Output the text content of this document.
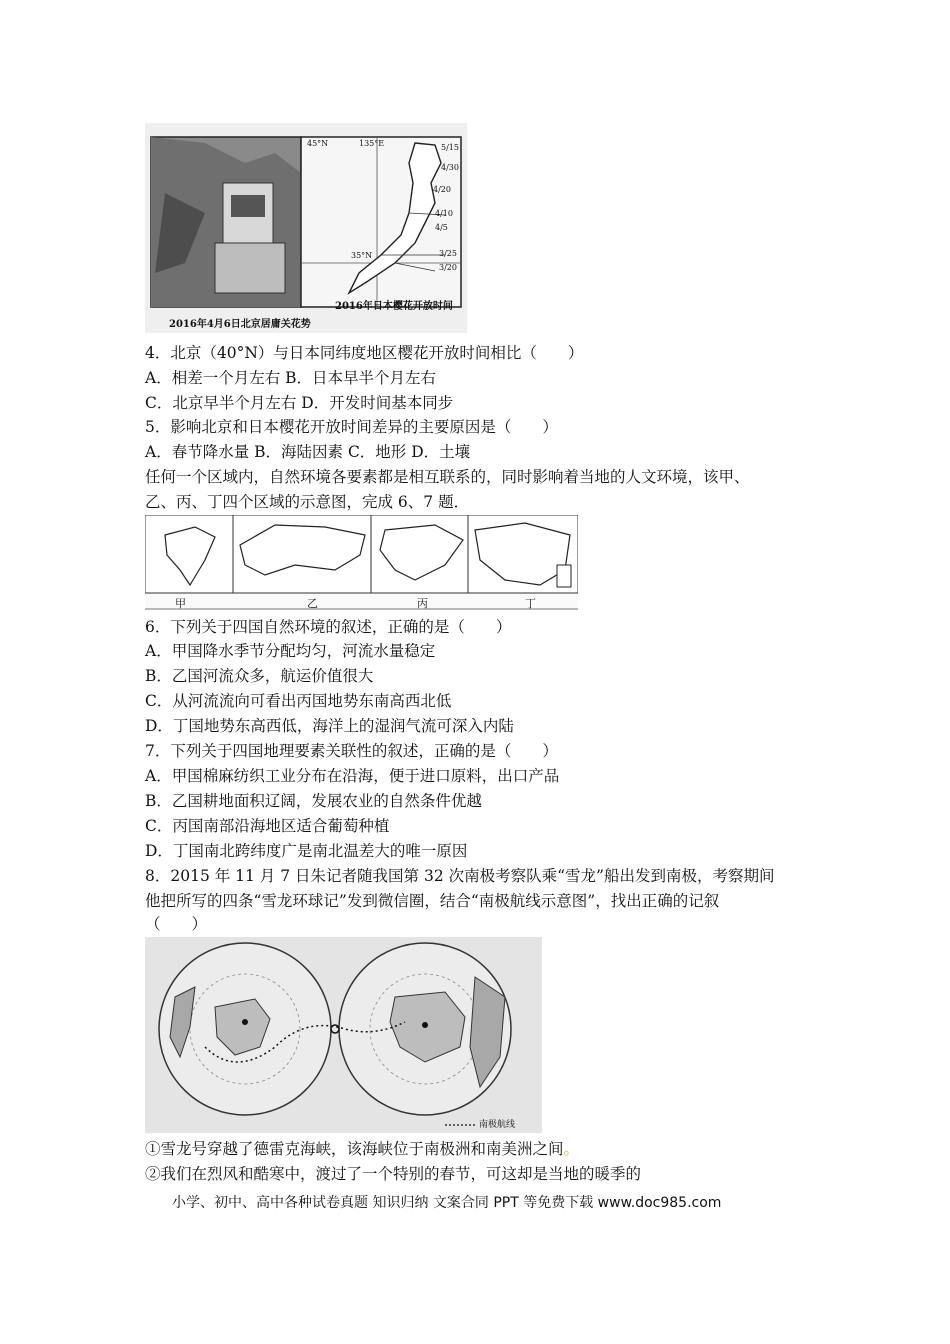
45°N	135°E
35°N
5/15
4/30
4/20
4/10
4/5
3/25
3/20
2016年4月6日北京居庸关花势
2016年日本樱花开放时间
4．北京（40°N）与日本同纬度地区樱花开放时间相比（　　）
A．相差一个月左右 B．日本早半个月左右
C．北京早半个月左右 D．开发时间基本同步
5．影响北京和日本樱花开放时间差异的主要原因是（　　）
A．春节降水量 B．海陆因素 C．地形 D．土壤
任何一个区域内，自然环境各要素都是相互联系的，同时影响着当地的人文环境，该甲、
乙、丙、丁四个区域的示意图，完成 6、7 题．
甲	乙	丙	丁
6．下列关于四国自然环境的叙述，正确的是（　　）
A．甲国降水季节分配均匀，河流水量稳定
B．乙国河流众多，航运价值很大
C．从河流流向可看出丙国地势东南高西北低
D．丁国地势东高西低，海洋上的湿润气流可深入内陆
7．下列关于四国地理要素关联性的叙述，正确的是（　　）
A．甲国棉麻纺织工业分布在沿海，便于进口原料，出口产品
B．乙国耕地面积辽阔，发展农业的自然条件优越
C．丙国南部沿海地区适合葡萄种植
D．丁国南北跨纬度广是南北温差大的唯一原因
8．2015 年 11 月 7 日朱记者随我国第 32 次南极考察队乘“雪龙”船出发到南极，考察期间
他把所写的四条“雪龙环球记”发到微信圈，结合“南极航线示意图”，找出正确的记叙
（　　）
南极航线
①雪龙号穿越了德雷克海峡，该海峡位于南极洲和南美洲之间。
②我们在烈风和酷寒中，渡过了一个特别的春节，可这却是当地的暖季的
小学、初中、高中各种试卷真题 知识归纳 文案合同 PPT 等免费下载 www.doc985.com
